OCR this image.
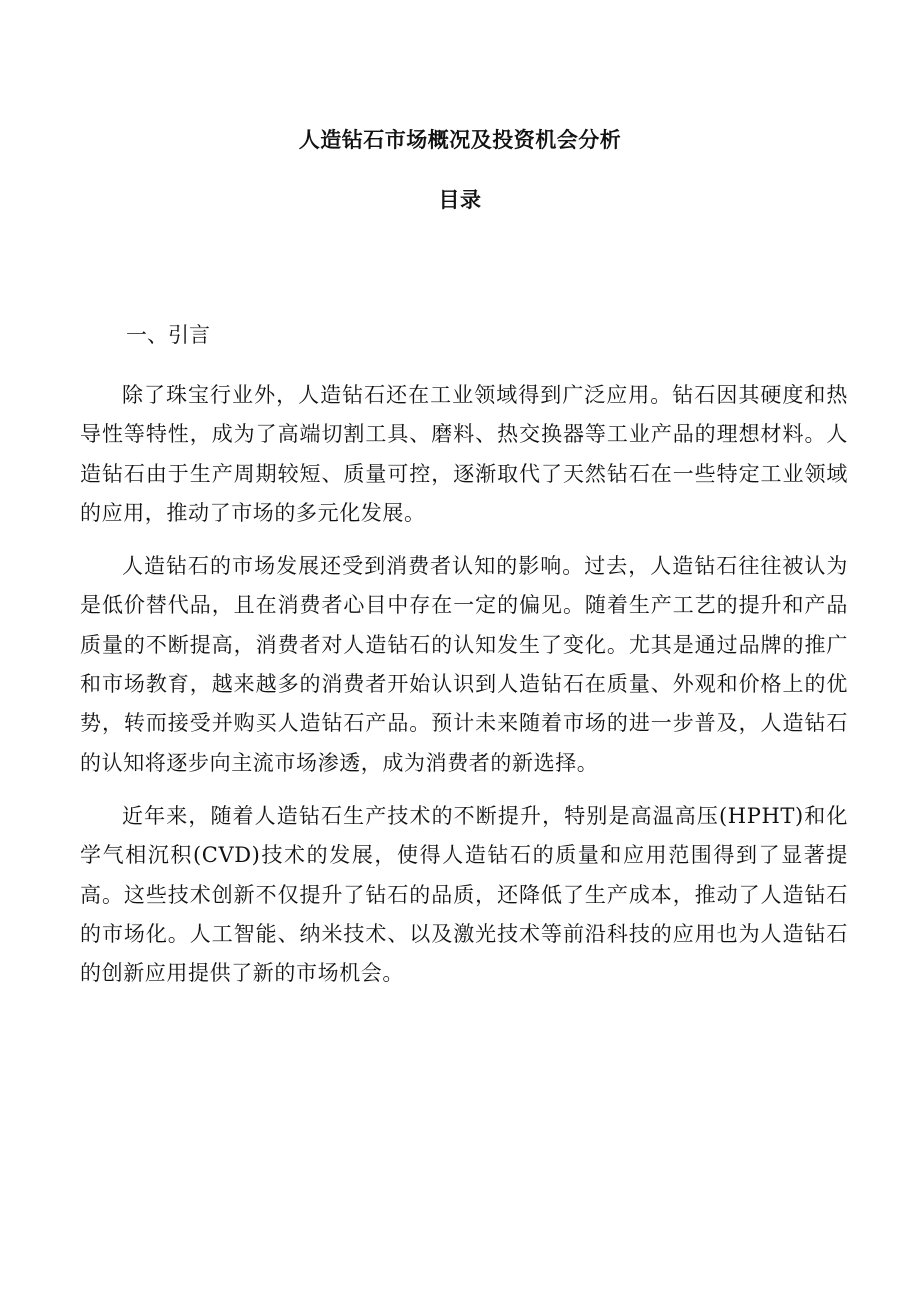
人造钻石市场概况及投资机会分析
目录
一、引言

除了珠宝行业外，人造钻石还在工业领域得到广泛应用。钻石因其硬度和热导性等特性，成为了高端切割工具、磨料、热交换器等工业产品的理想材料。人造钻石由于生产周期较短、质量可控，逐渐取代了天然钻石在一些特定工业领域的应用，推动了市场的多元化发展。

人造钻石的市场发展还受到消费者认知的影响。过去，人造钻石往往被认为是低价替代品，且在消费者心目中存在一定的偏见。随着生产工艺的提升和产品质量的不断提高，消费者对人造钻石的认知发生了变化。尤其是通过品牌的推广和市场教育，越来越多的消费者开始认识到人造钻石在质量、外观和价格上的优势，转而接受并购买人造钻石产品。预计未来随着市场的进一步普及，人造钻石的认知将逐步向主流市场渗透，成为消费者的新选择。

近年来，随着人造钻石生产技术的不断提升，特别是高温高压(HPHT)和化学气相沉积(CVD)技术的发展，使得人造钻石的质量和应用范围得到了显著提高。这些技术创新不仅提升了钻石的品质，还降低了生产成本，推动了人造钻石的市场化。人工智能、纳米技术、以及激光技术等前沿科技的应用也为人造钻石的创新应用提供了新的市场机会。
